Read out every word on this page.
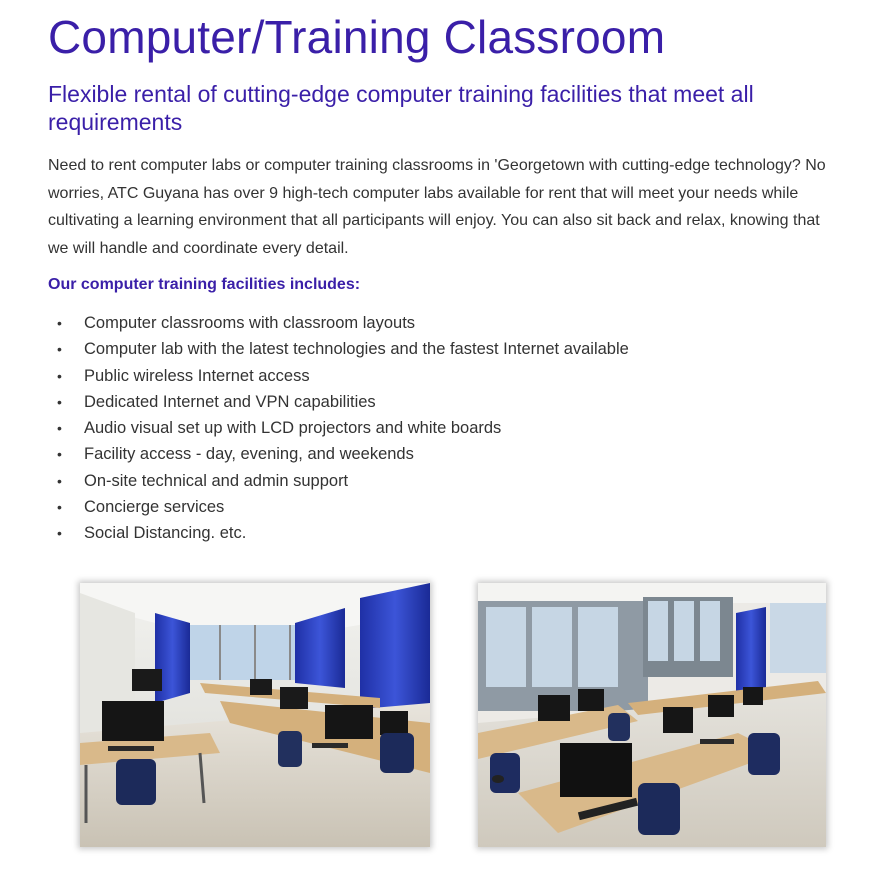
Computer/Training Classroom
Flexible rental of cutting-edge computer training facilities that meet all requirements

Need to rent computer labs or computer training classrooms in 'Georgetown with cutting-edge technology? No worries, ATC Guyana has over 9 high-tech computer labs available for rent that will meet your needs while cultivating a learning environment that all participants will enjoy. You can also sit back and relax, knowing that we will handle and coordinate every detail.

Our computer training facilities includes:
• Computer classrooms with classroom layouts
• Computer lab with the latest technologies and the fastest Internet available
• Public wireless Internet access
• Dedicated Internet and VPN capabilities
• Audio visual set up with LCD projectors and white boards
• Facility access - day, evening, and weekends
• On-site technical and admin support
• Concierge services
• Social Distancing. etc.
